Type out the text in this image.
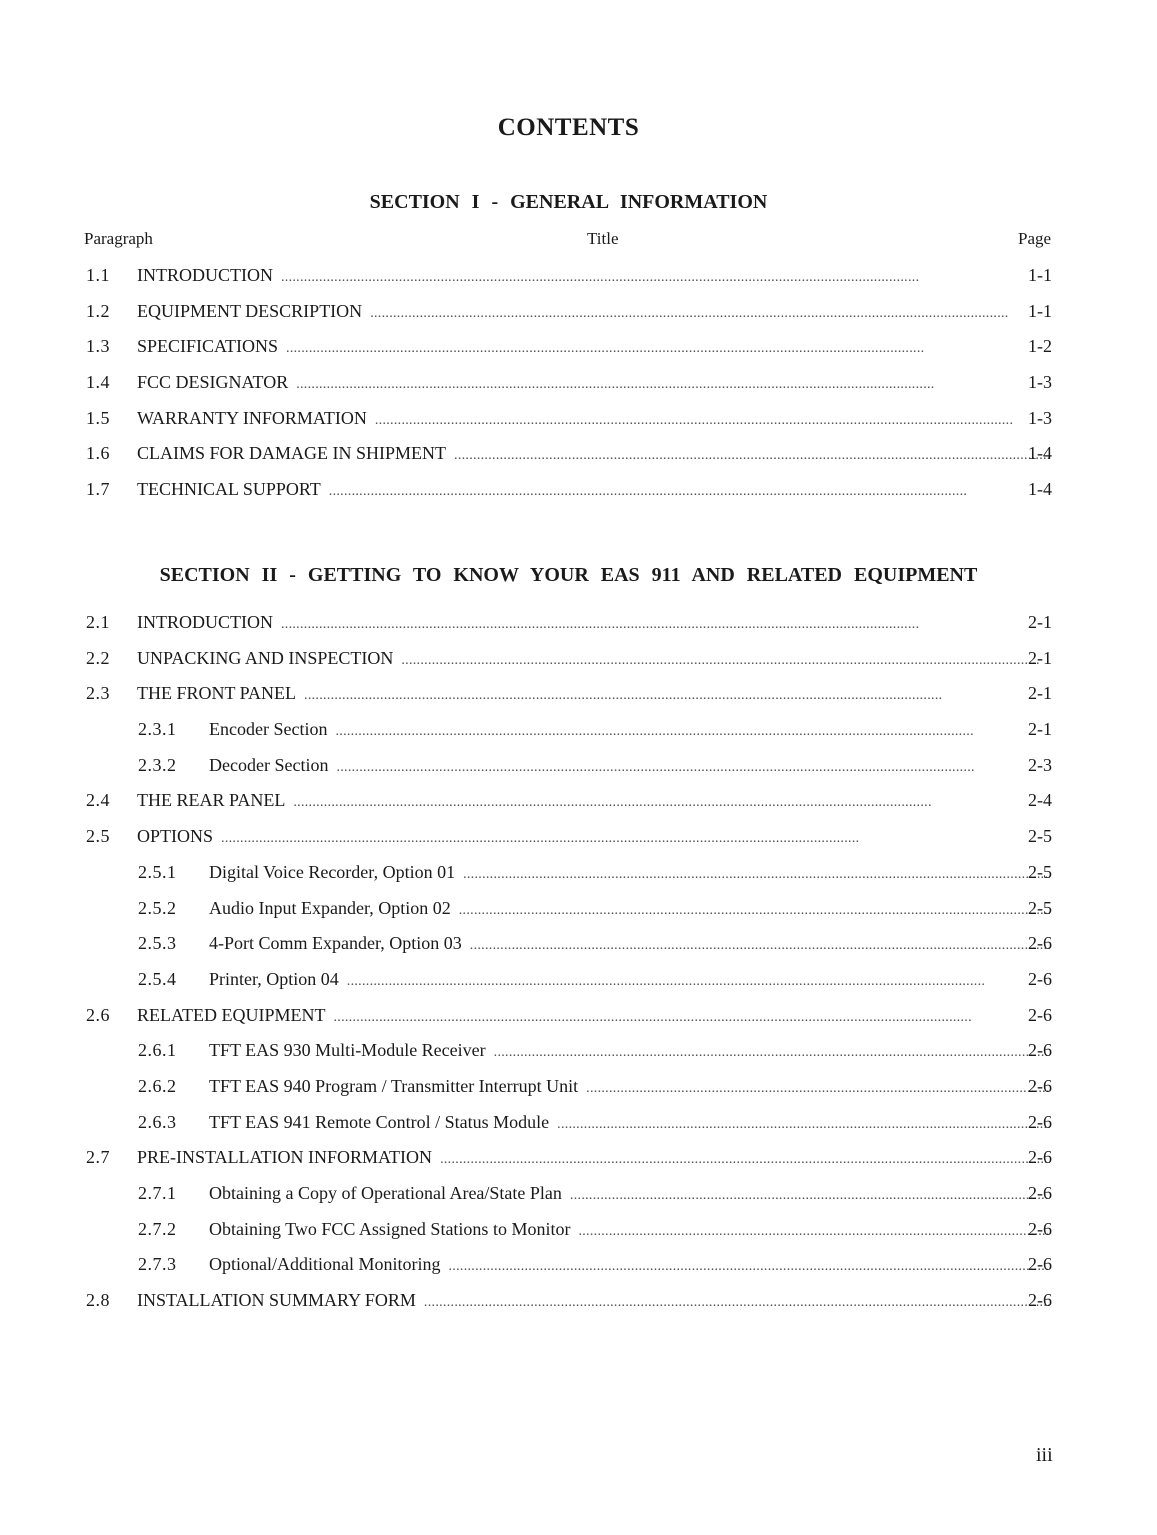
CONTENTS
SECTION I - GENERAL INFORMATION
Paragraph	Title	Page
1.1 INTRODUCTION . . .	1-1
1.2 EQUIPMENT DESCRIPTION . . .	1-1
1.3 SPECIFICATIONS . . .	1-2
1.4 FCC DESIGNATOR . . .	1-3
1.5 WARRANTY INFORMATION . . .	1-3
1.6 CLAIMS FOR DAMAGE IN SHIPMENT . . .	1-4
1.7 TECHNICAL SUPPORT . . .	1-4
SECTION II - GETTING TO KNOW YOUR EAS 911 AND RELATED EQUIPMENT
2.1 INTRODUCTION . . .	2-1
2.2 UNPACKING AND INSPECTION . . .	2-1
2.3 THE FRONT PANEL . . .	2-1
2.3.1 Encoder Section . . .	2-1
2.3.2 Decoder Section . . .	2-3
2.4 THE REAR PANEL . . .	2-4
2.5 OPTIONS . . .	2-5
2.5.1 Digital Voice Recorder, Option 01 . . .	2-5
2.5.2 Audio Input Expander, Option 02 . . .	2-5
2.5.3 4-Port Comm Expander, Option 03 . . .	2-6
2.5.4 Printer, Option 04 . . .	2-6
2.6 RELATED EQUIPMENT . . .	2-6
2.6.1 TFT EAS 930 Multi-Module Receiver . . .	2-6
2.6.2 TFT EAS 940 Program / Transmitter Interrupt Unit . . .	2-6
2.6.3 TFT EAS 941 Remote Control / Status Module . . .	2-6
2.7 PRE-INSTALLATION INFORMATION . . .	2-6
2.7.1 Obtaining a Copy of Operational Area/State Plan . . .	2-6
2.7.2 Obtaining Two FCC Assigned Stations to Monitor . . .	2-6
2.7.3 Optional/Additional Monitoring . . .	2-6
2.8 INSTALLATION SUMMARY FORM . . .	2-6
iii
